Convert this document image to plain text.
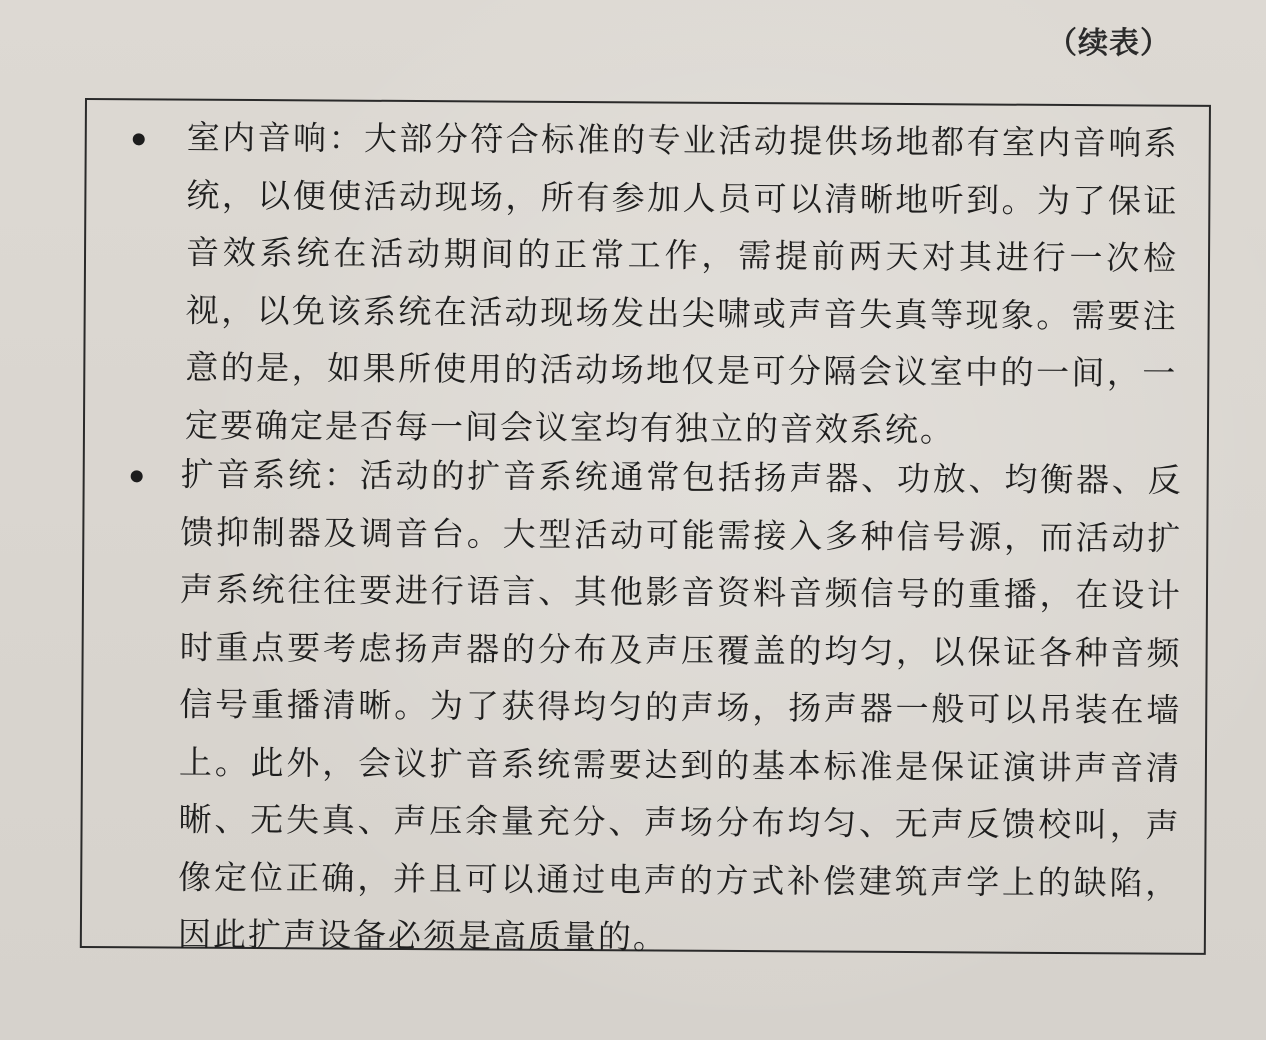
（续表）
室内音响：大部分符合标准的专业活动提供场地都有室内音响系统，以便使活动现场，所有参加人员可以清晰地听到。为了保证音效系统在活动期间的正常工作，需提前两天对其进行一次检视，以免该系统在活动现场发出尖啸或声音失真等现象。需要注意的是，如果所使用的活动场地仅是可分隔会议室中的一间，一定要确定是否每一间会议室均有独立的音效系统。
扩音系统：活动的扩音系统通常包括扬声器、功放、均衡器、反馈抑制器及调音台。大型活动可能需接入多种信号源，而活动扩声系统往往要进行语言、其他影音资料音频信号的重播，在设计时重点要考虑扬声器的分布及声压覆盖的均匀，以保证各种音频信号重播清晰。为了获得均匀的声场，扬声器一般可以吊装在墙上。此外，会议扩音系统需要达到的基本标准是保证演讲声音清晰、无失真、声压余量充分、声场分布均匀、无声反馈校叫，声像定位正确，并且可以通过电声的方式补偿建筑声学上的缺陷，因此扩声设备必须是高质量的。
